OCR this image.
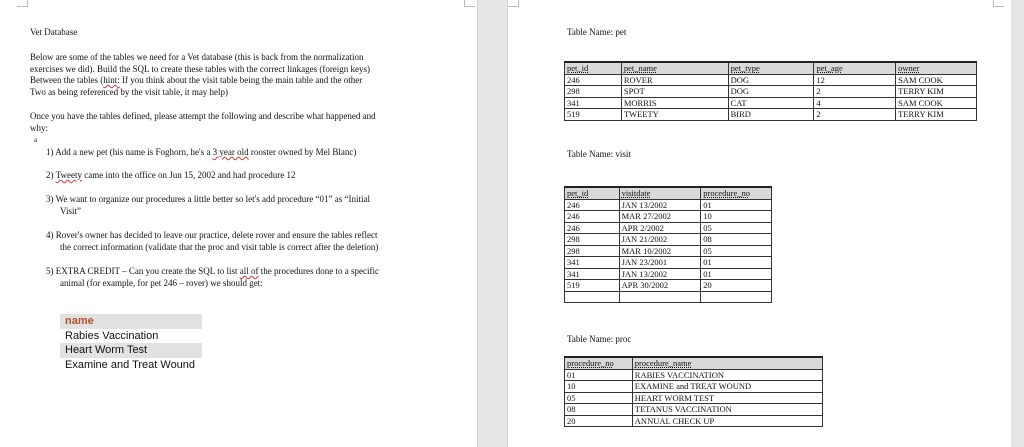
Vet Database
Below are some of the tables we need for a Vet database (this is back from the normalization
exercises we did). Build the SQL to create these tables with the correct linkages (foreign keys)
Between the tables (hint: If you think about the visit table being the main table and the other
Two as being referenced by the visit table, it may help)
Once you have the tables defined, please attempt the following and describe what happened and
why:
a
1) Add a new pet (his name is Foghorn, he's a 3 year old rooster owned by Mel Blanc)
2) Tweety came into the office on Jun 15, 2002 and had procedure 12
3) We want to organize our procedures a little better so let's add procedure “01” as “Initial
Visit”
4) Rover's owner has decided to leave our practice, delete rover and ensure the tables reflect
the correct information (validate that the proc and visit table is correct after the deletion)
5) EXTRA CREDIT – Can you create the SQL to list all of the procedures done to a specific
animal (for example, for pet 246 – rover) we should get:
name
Rabies Vaccination
Heart Worm Test
Examine and Treat Wound
Table Name: pet
pet_id	pet_name	pet_type	pet_age	owner
246	ROVER	DOG	12	SAM COOK
298	SPOT	DOG	2	TERRY KIM
341	MORRIS	CAT	4	SAM COOK
519	TWEETY	BIRD	2	TERRY KIM
Table Name: visit
pet_id	visitdate	procedure_no
246	JAN 13/2002	01
246	MAR 27/2002	10
246	APR 2/2002	05
298	JAN 21/2002	08
298	MAR 10/2002	05
341	JAN 23/2001	01
341	JAN 13/2002	01
519	APR 30/2002	20

Table Name: proc
procedure_no	procedure_name
01	RABIES VACCINATION
10	EXAMINE and TREAT WOUND
05	HEART WORM TEST
08	TETANUS VACCINATION
20	ANNUAL CHECK UP
